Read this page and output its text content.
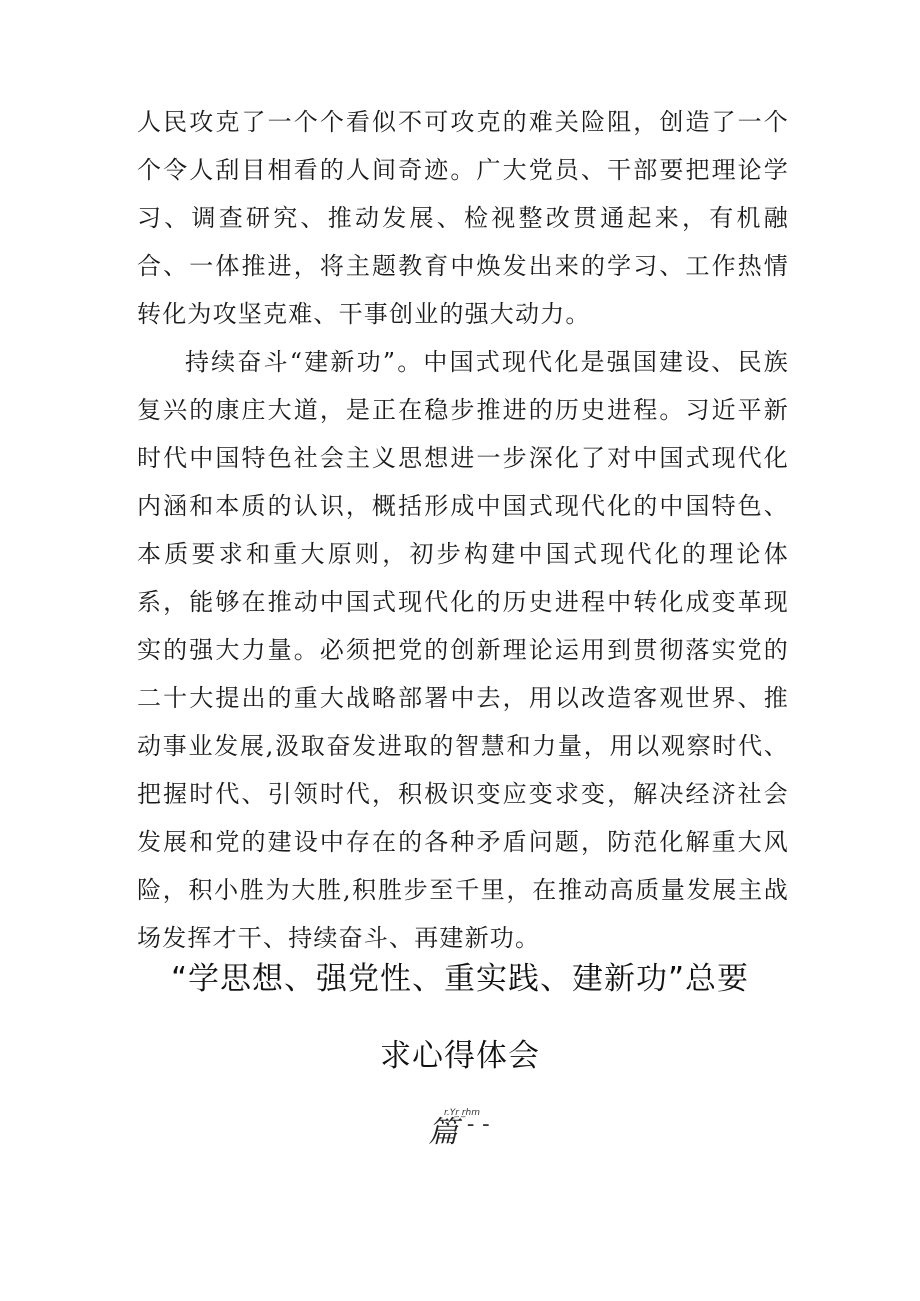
人民攻克了一个个看似不可攻克的难关险阻，创造了一个个令人刮目相看的人间奇迹。广大党员、干部要把理论学习、调查研究、推动发展、检视整改贯通起来，有机融合、一体推进，将主题教育中焕发出来的学习、工作热情转化为攻坚克难、干事创业的强大动力。

持续奋斗“建新功”。中国式现代化是强国建设、民族复兴的康庄大道，是正在稳步推进的历史进程。习近平新时代中国特色社会主义思想进一步深化了对中国式现代化内涵和本质的认识，概括形成中国式现代化的中国特色、本质要求和重大原则，初步构建中国式现代化的理论体系，能够在推动中国式现代化的历史进程中转化成变革现实的强大力量。必须把党的创新理论运用到贯彻落实党的二十大提出的重大战略部署中去，用以改造客观世界、推动事业发展,汲取奋发进取的智慧和力量，用以观察时代、把握时代、引领时代，积极识变应变求变，解决经济社会发展和党的建设中存在的各种矛盾问题，防范化解重大风险，积小胜为大胜,积胜步至千里，在推动高质量发展主战场发挥才干、持续奋斗、再建新功。

“学思想、强党性、重实践、建新功”总要
求心得体会
r.Yr̲ r̲hm
篇 --
